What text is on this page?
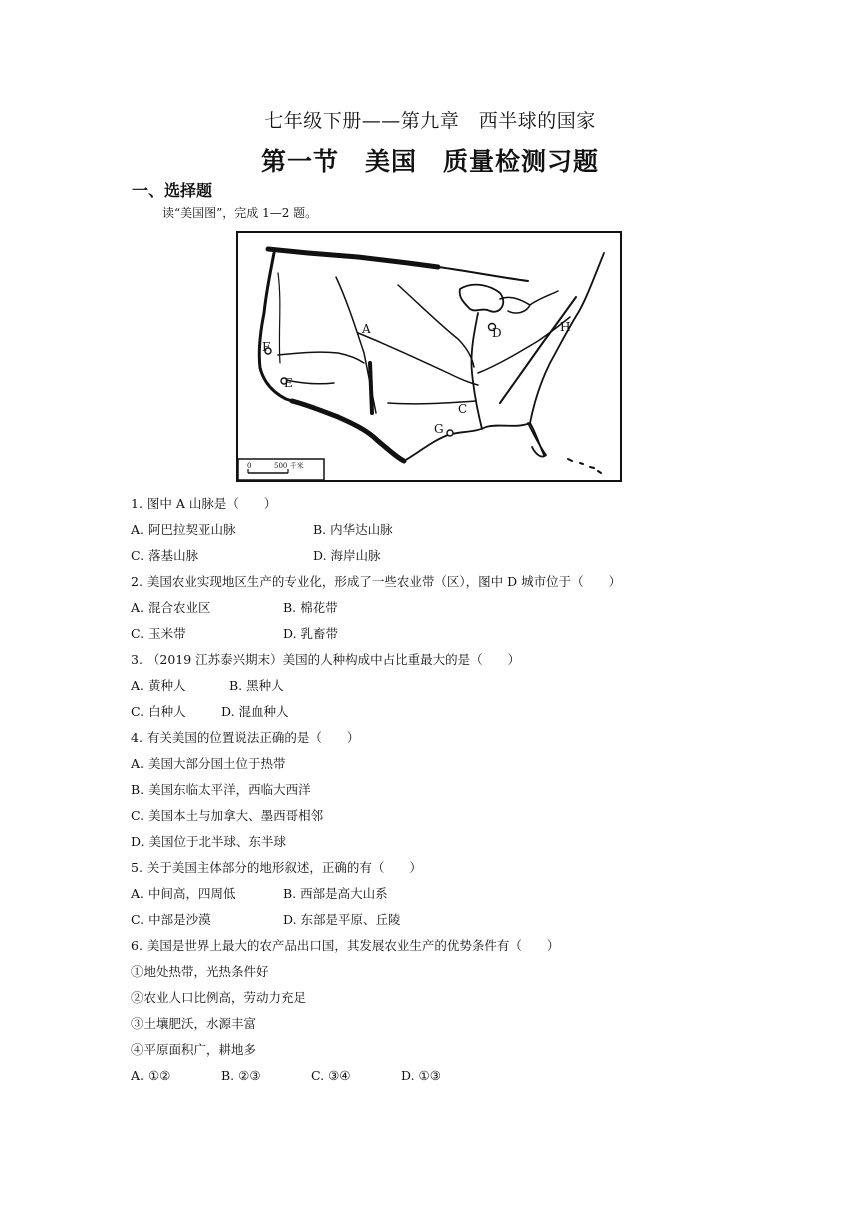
七年级下册——第九章　西半球的国家
第一节　美国　质量检测习题
一、选择题
读“美国图”，完成 1—2 题。
A	D	H
F
E
C
G
0	500 千米
1. 图中 A 山脉是（　　）
A. 阿巴拉契亚山脉	B. 内华达山脉
C. 落基山脉	D. 海岸山脉
2. 美国农业实现地区生产的专业化，形成了一些农业带（区），图中 D 城市位于（　　）
A. 混合农业区	B. 棉花带
C. 玉米带	D. 乳畜带
3. （2019 江苏泰兴期末）美国的人种构成中占比重最大的是（　　）
A. 黄种人	B. 黑种人
C. 白种人	D. 混血种人
4. 有关美国的位置说法正确的是（　　）
A. 美国大部分国土位于热带
B. 美国东临太平洋，西临大西洋
C. 美国本土与加拿大、墨西哥相邻
D. 美国位于北半球、东半球
5. 关于美国主体部分的地形叙述，正确的有（　　）
A. 中间高，四周低	B. 西部是高大山系
C. 中部是沙漠	D. 东部是平原、丘陵
6. 美国是世界上最大的农产品出口国，其发展农业生产的优势条件有（　　）
①地处热带，光热条件好
②农业人口比例高，劳动力充足
③土壤肥沃，水源丰富
④平原面积广，耕地多
A. ①②	B. ②③	C. ③④	D. ①③
